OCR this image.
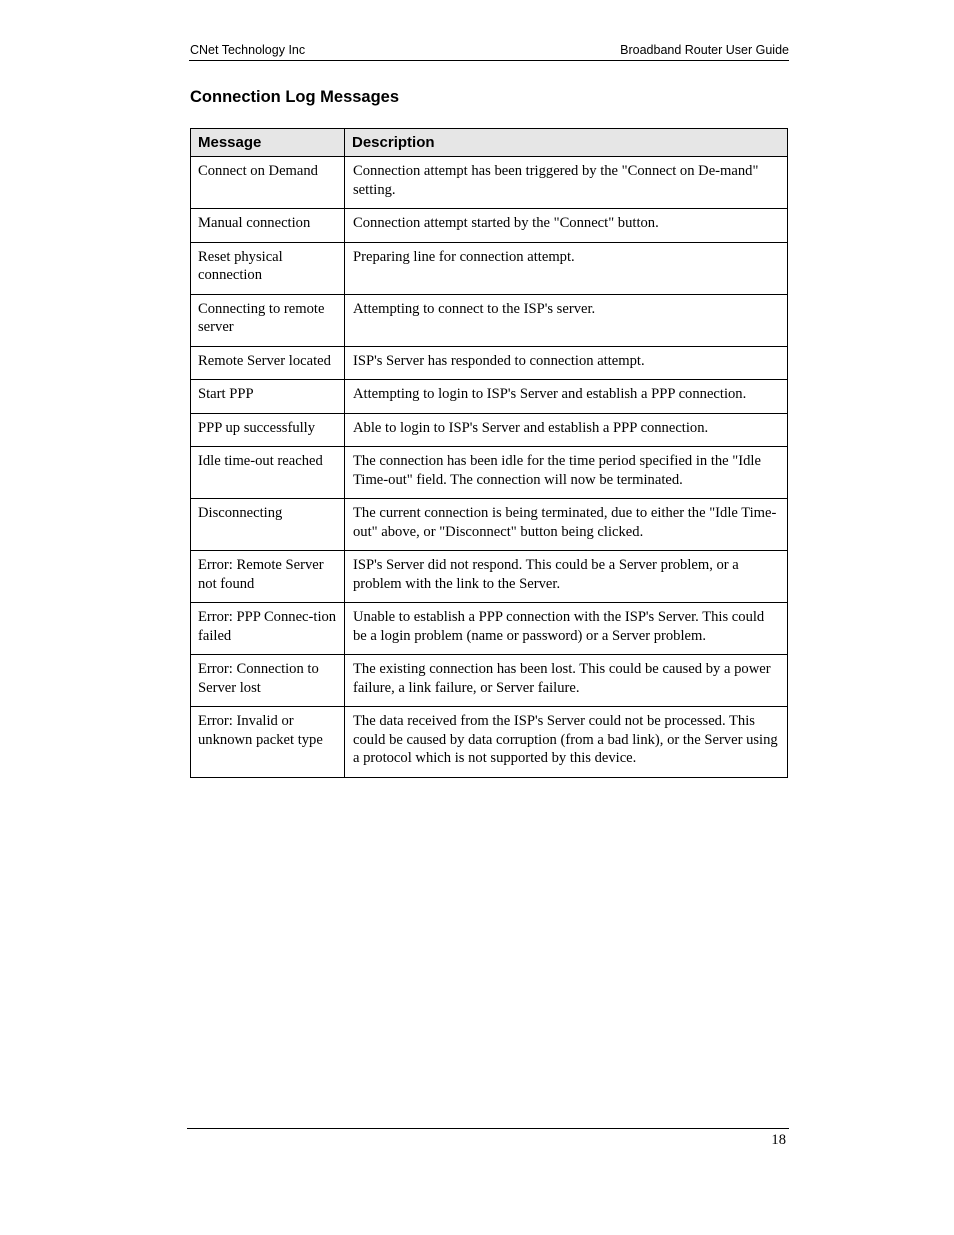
CNet Technology Inc	Broadband Router User Guide
Connection Log Messages
Message	Description
Connect on Demand	Connection attempt has been triggered by the "Connect on De-mand" setting.
Manual connection	Connection attempt started by the "Connect" button.
Reset physical connection	Preparing line for connection attempt.
Connecting to remote server	Attempting to connect to the ISP's server.
Remote Server located	ISP's Server has responded to connection attempt.
Start PPP	Attempting to login to ISP's Server and establish a PPP connection.
PPP up successfully	Able to login to ISP's Server and establish a PPP connection.
Idle time-out reached	The connection has been idle for the time period specified in the "Idle Time-out" field. The connection will now be terminated.
Disconnecting	The current connection is being terminated, due to either the "Idle Time-out" above, or "Disconnect" button being clicked.
Error: Remote Server not found	ISP's Server did not respond. This could be a Server problem, or a problem with the link to the Server.
Error: PPP Connec-tion failed	Unable to establish a PPP connection with the ISP's Server. This could be a login problem (name or password) or a Server problem.
Error: Connection to Server lost	The existing connection has been lost. This could be caused by a power failure, a link failure, or Server failure.
Error: Invalid or unknown packet type	The data received from the ISP's Server could not be processed. This could be caused by data corruption (from a bad link), or the Server using a protocol which is not supported by this device.
18
